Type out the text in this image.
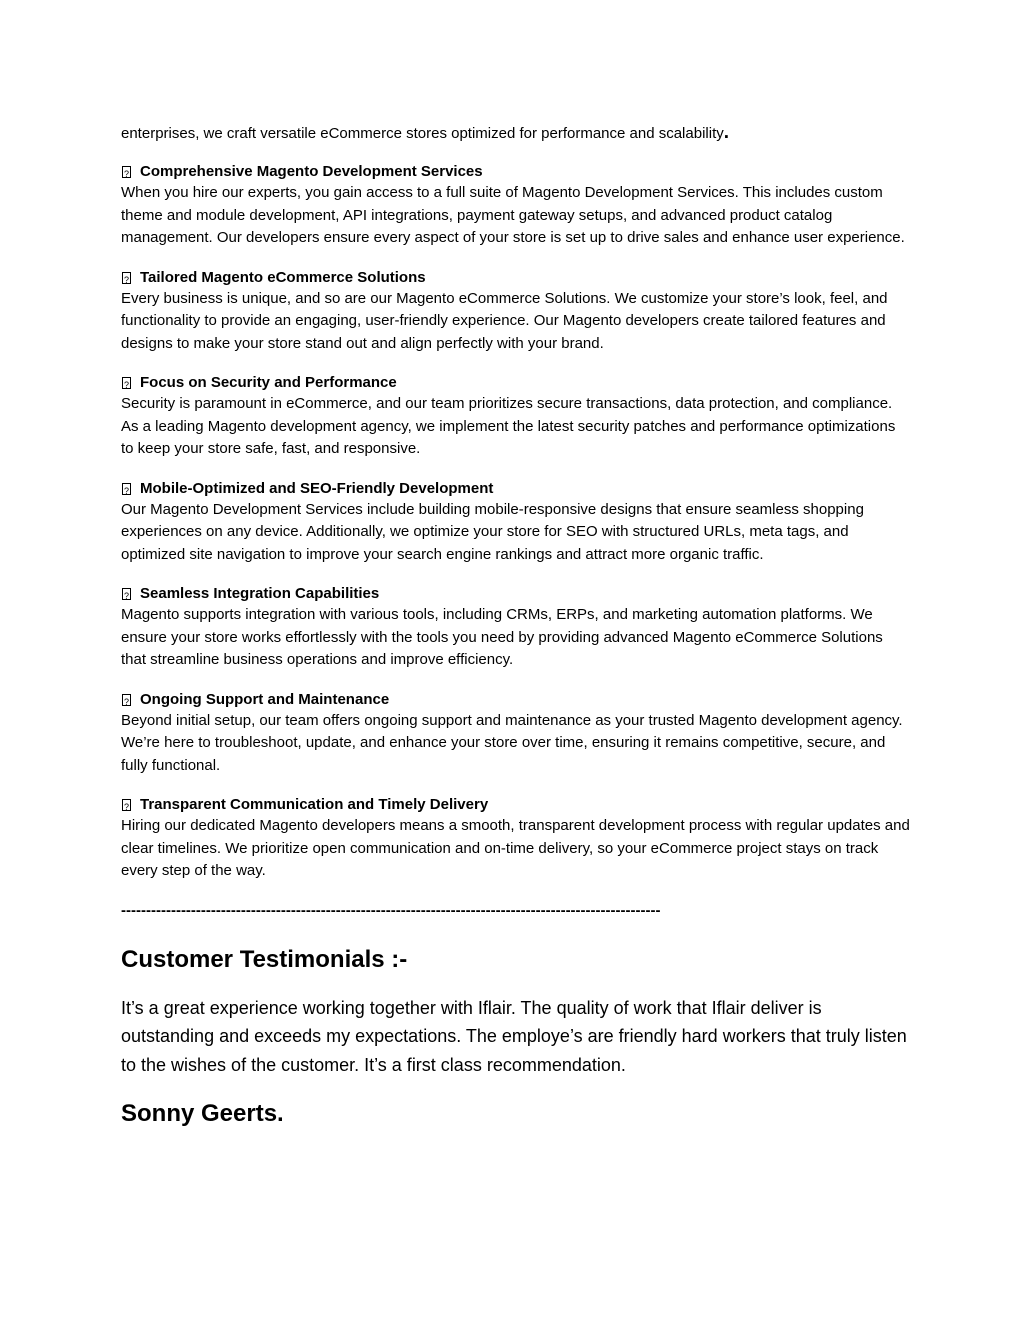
enterprises, we craft versatile eCommerce stores optimized for performance and scalability.

?
Comprehensive Magento Development Services

When you hire our experts, you gain access to a full suite of Magento Development Services. This includes custom theme and module development, API integrations, payment gateway setups, and advanced product catalog management. Our developers ensure every aspect of your store is set up to drive sales and enhance user experience.

?
Tailored Magento eCommerce Solutions

Every business is unique, and so are our Magento eCommerce Solutions. We customize your store’s look, feel, and functionality to provide an engaging, user-friendly experience. Our Magento developers create tailored features and designs to make your store stand out and align perfectly with your brand.

?
Focus on Security and Performance

Security is paramount in eCommerce, and our team prioritizes secure transactions, data protection, and compliance. As a leading Magento development agency, we implement the latest security patches and performance optimizations to keep your store safe, fast, and responsive.

?
Mobile-Optimized and SEO-Friendly Development

Our Magento Development Services include building mobile-responsive designs that ensure seamless shopping experiences on any device. Additionally, we optimize your store for SEO with structured URLs, meta tags, and optimized site navigation to improve your search engine rankings and attract more organic traffic.

?
Seamless Integration Capabilities

Magento supports integration with various tools, including CRMs, ERPs, and marketing automation platforms. We ensure your store works effortlessly with the tools you need by providing advanced Magento eCommerce Solutions that streamline business operations and improve efficiency.

?
Ongoing Support and Maintenance

Beyond initial setup, our team offers ongoing support and maintenance as your trusted Magento development agency. We’re here to troubleshoot, update, and enhance your store over time, ensuring it remains competitive, secure, and fully functional.

?
Transparent Communication and Timely Delivery

Hiring our dedicated Magento developers means a smooth, transparent development process with regular updates and clear timelines. We prioritize open communication and on-time delivery, so your eCommerce project stays on track every step of the way.

------------------------------------------------------------------------------------------------------------
Customer Testimonials :-

It’s a great experience working together with Iflair. The quality of work that Iflair deliver is outstanding and exceeds my expectations. The employe’s are friendly hard workers that truly listen to the wishes of the customer. It’s a first class recommendation.

Sonny Geerts.
